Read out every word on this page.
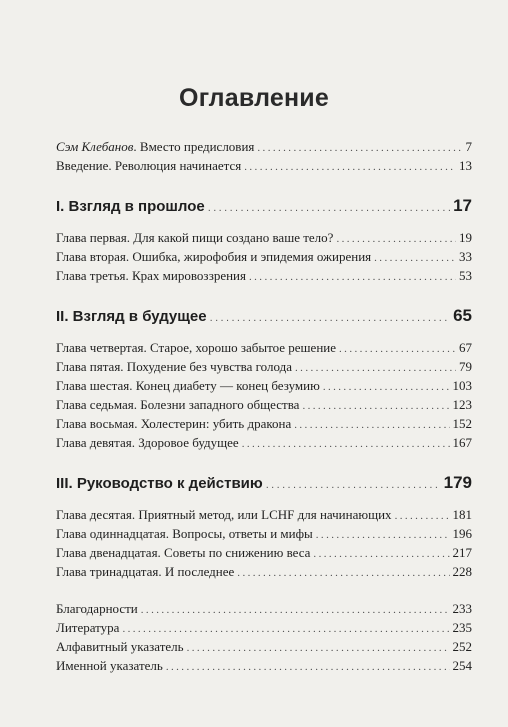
Оглавление
Сэм Клебанов. Вместо предисловия .....	7
Введение. Революция начинается .....	13
I. Взгляд в прошлое .....	17
Глава первая. Для какой пищи создано ваше тело? .....	19
Глава вторая. Ошибка, жирофобия и эпидемия ожирения .....	33
Глава третья. Крах мировоззрения .....	53
II. Взгляд в будущее .....	65
Глава четвертая. Старое, хорошо забытое решение .....	67
Глава пятая. Похудение без чувства голода .....	79
Глава шестая. Конец диабету — конец безумию .....	103
Глава седьмая. Болезни западного общества .....	123
Глава восьмая. Холестерин: убить дракона .....	152
Глава девятая. Здоровое будущее .....	167
III. Руководство к действию .....	179
Глава десятая. Приятный метод, или LCHF для начинающих .....	181
Глава одиннадцатая. Вопросы, ответы и мифы .....	196
Глава двенадцатая. Советы по снижению веса .....	217
Глава тринадцатая. И последнее .....	228
Благодарности .....	233
Литература .....	235
Алфавитный указатель .....	252
Именной указатель .....	254
